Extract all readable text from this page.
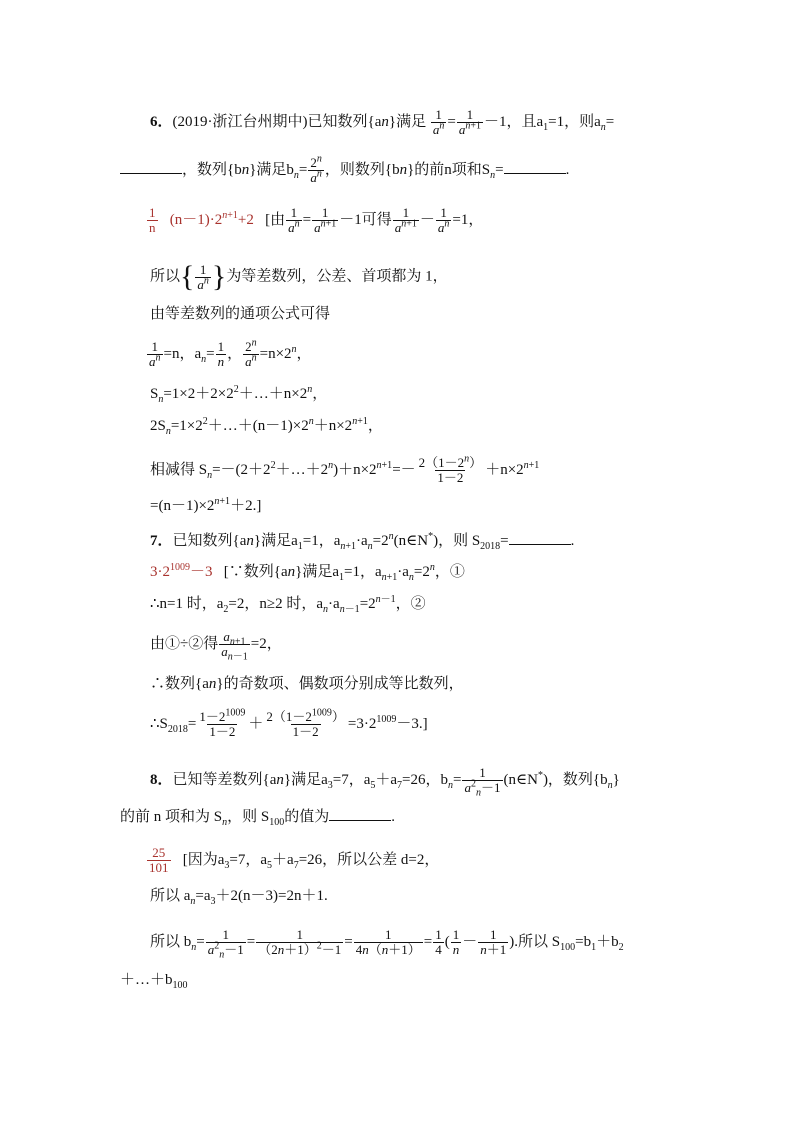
6．(2019·浙江台州期中)已知数列{an}满足 $\frac{1}{a^n} = \frac{1}{a^{n+1}} -1$，且$a_1=1$，则$a_n=$
，数列{bn}满足$b_n= \frac{2^n}{a^n}$ ，则数列{bn}的前n项和$S_n=$	.
$\frac{1}{n} (n-1)\cdot 2^{n+1}+2$ [由 $\frac{1}{a^n} = \frac{1}{a^{n+1}} -1$可得 $\frac{1}{a^{n+1}} - \frac{1}{a^n} =1$，
所以{ $\frac{1}{a^n}$ }为等差数列，公差、首项都为 1，
由等差数列的通项公式可得
$\frac{1}{a^n} =n$，$a_n= \frac{1}{n}$ ， $\frac{2^n}{a^n} =n\times 2^n$，
$S_n=1\times 2+2\times 2^2+\dots+n\times 2^n$，
$2S_n=1\times 2^2+\dots+(n-1)\times 2^n+n\times 2^{n+1}$，
相减得 $S_n=-(2+2^2+\dots+2^n)+n\times 2^{n+1}=- \frac{2(1-2^n)}{1-2} +n\times 2^{n+1}$
$=(n-1)\times 2^{n+1}+2$.]
7．已知数列{an}满足$a_1=1$，$a_{n+1}\cdot a_n=2^n(n\in N^*)$，则 $S_{2018}=$	.
$3\cdot 2^{1009}-3$ [∵数列{an}满足$a_1=1$，$a_{n+1}\cdot a_n=2^n$，①
∴n=1 时，$a_2=2$，n≥2 时，$a_n\cdot a_{n-1}=2^{n-1}$，②
由①÷②得 $\frac{a_{n+1}}{a_{n-1}} =2$，
∴数列{an}的奇数项、偶数项分别成等比数列，
$\therefore S_{2018}= \frac{1-2^{1009}}{1-2} + \frac{2(1-2^{1009})}{1-2} =3\cdot 2^{1009}-3$.]
8．已知等差数列{an}满足$a_3=7$，$a_5+a_7=26$，$b_n= \frac{1}{a^2_n-1}$ (n∈N*)，数列$\{b_n\}$
的前 n 项和为 $S_n$，则 $S_{100}$的值为	.
$\frac{25}{101}$ [因为$a_3=7$，$a_5+a_7=26$，所以公差 d=2，
所以 $a_n=a_3+2(n-3)=2n+1$.
所以 $b_n= \frac{1}{a^2_n-1} = \frac{1}{(2n+1)^2-1} = \frac{1}{4n(n+1)} = \frac{1}{4}$ ( $\frac{1}{n} - \frac{1}{n+1}$ ).所以 $S_{100}=b_1+b_2$
$+\dots+b_{100}$
